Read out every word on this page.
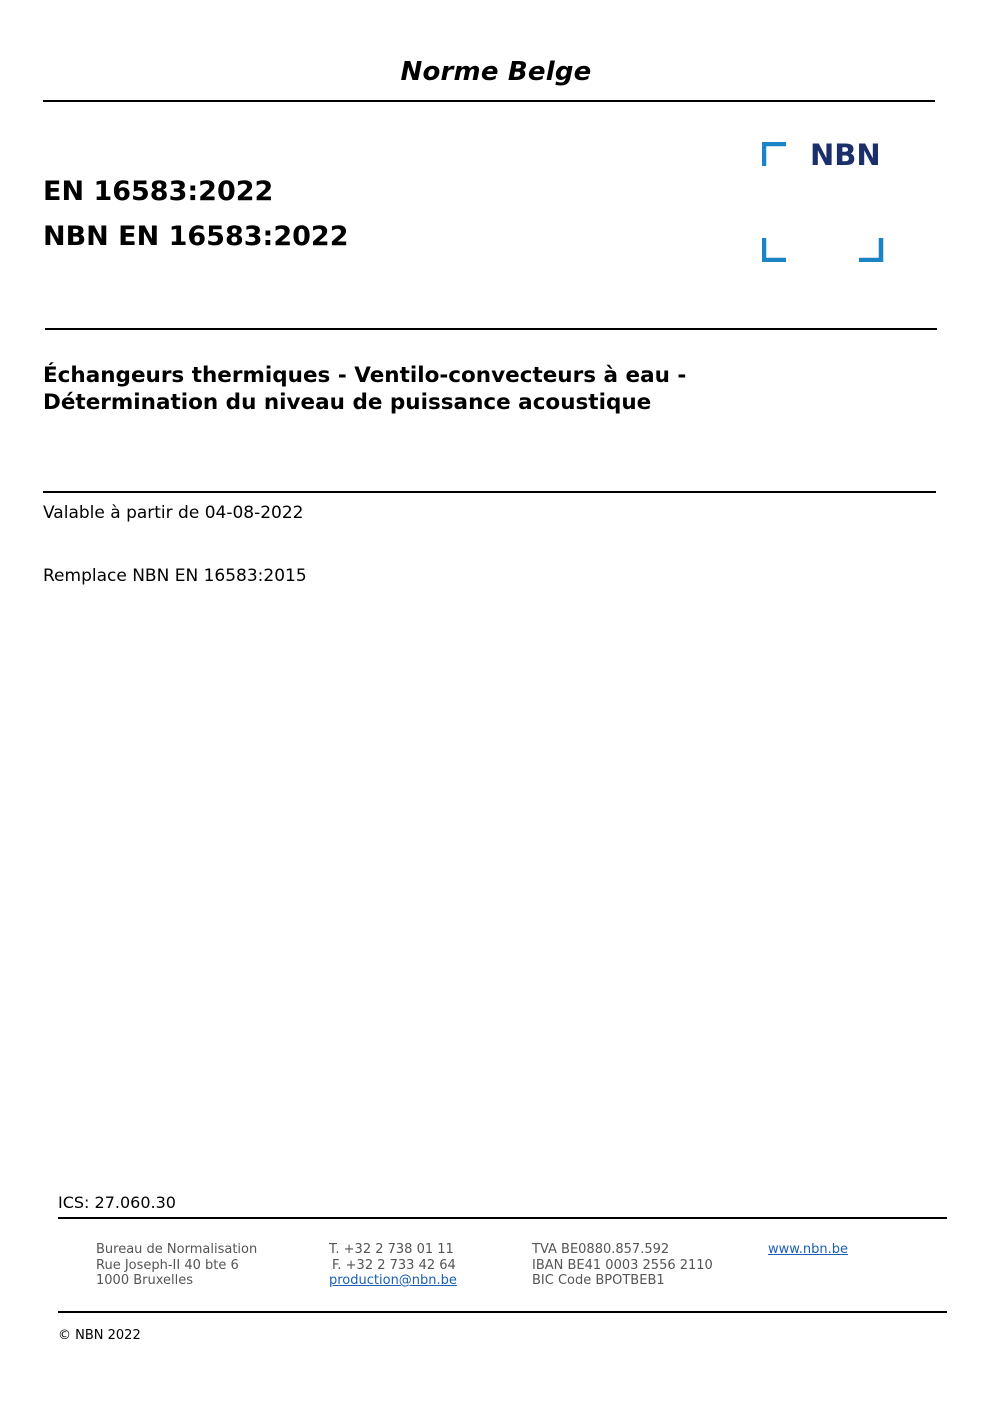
Norme Belge
EN 16583:2022
NBN EN 16583:2022
NBN
Échangeurs thermiques - Ventilo-convecteurs à eau -
Détermination du niveau de puissance acoustique
Valable à partir de 04-08-2022
Remplace NBN EN 16583:2015
ICS: 27.060.30
Bureau de Normalisation
Rue Joseph-II 40 bte 6
1000 Bruxelles
T. +32 2 738 01 11
F. +32 2 733 42 64
production@nbn.be
TVA BE0880.857.592
IBAN BE41 0003 2556 2110
BIC Code BPOTBEB1
www.nbn.be
© NBN 2022
